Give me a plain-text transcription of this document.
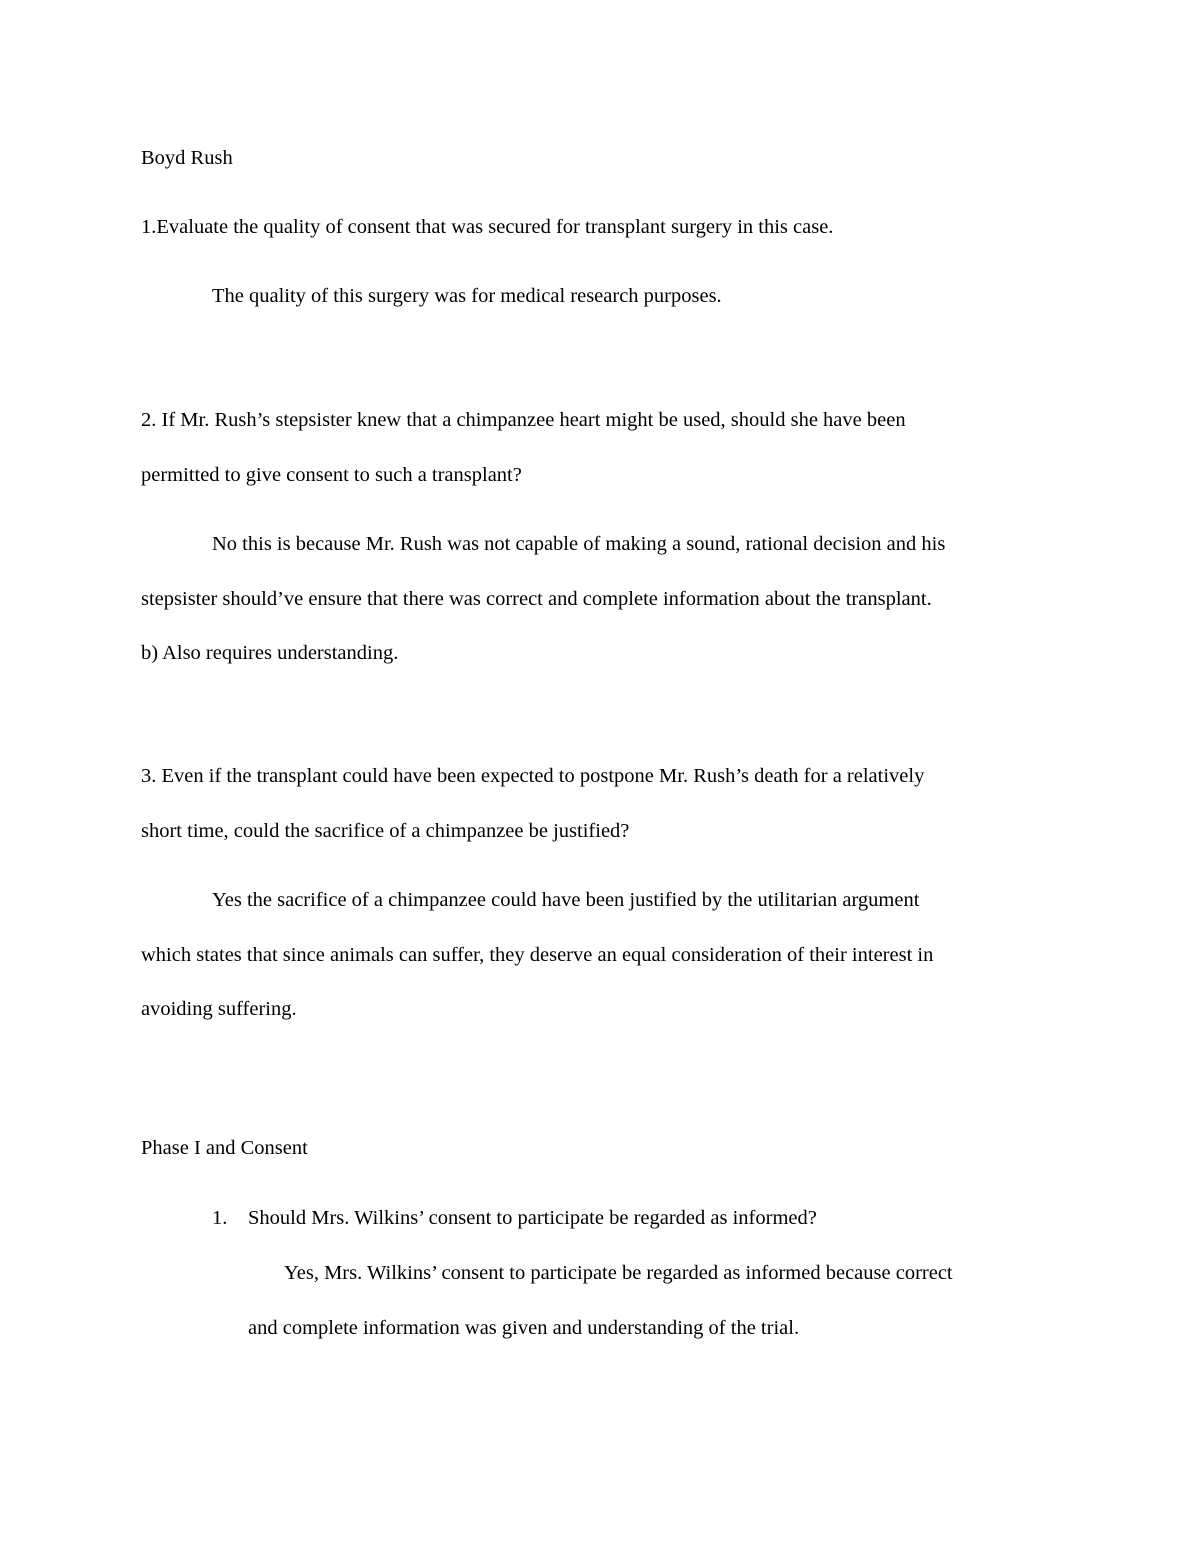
Boyd Rush
1.Evaluate the quality of consent that was secured for transplant surgery in this case.
The quality of this surgery was for medical research purposes.
2. If Mr. Rush’s stepsister knew that a chimpanzee heart might be used, should she have been
permitted to give consent to such a transplant?
No this is because Mr. Rush was not capable of making a sound, rational decision and his
stepsister should’ve ensure that there was correct and complete information about the transplant.
b) Also requires understanding.
3. Even if the transplant could have been expected to postpone Mr. Rush’s death for a relatively
short time, could the sacrifice of a chimpanzee be justified?
Yes the sacrifice of a chimpanzee could have been justified by the utilitarian argument
which states that since animals can suffer, they deserve an equal consideration of their interest in
avoiding suffering.
Phase I and Consent
1. Should Mrs. Wilkins’ consent to participate be regarded as informed?
Yes, Mrs. Wilkins’ consent to participate be regarded as informed because correct
and complete information was given and understanding of the trial.
